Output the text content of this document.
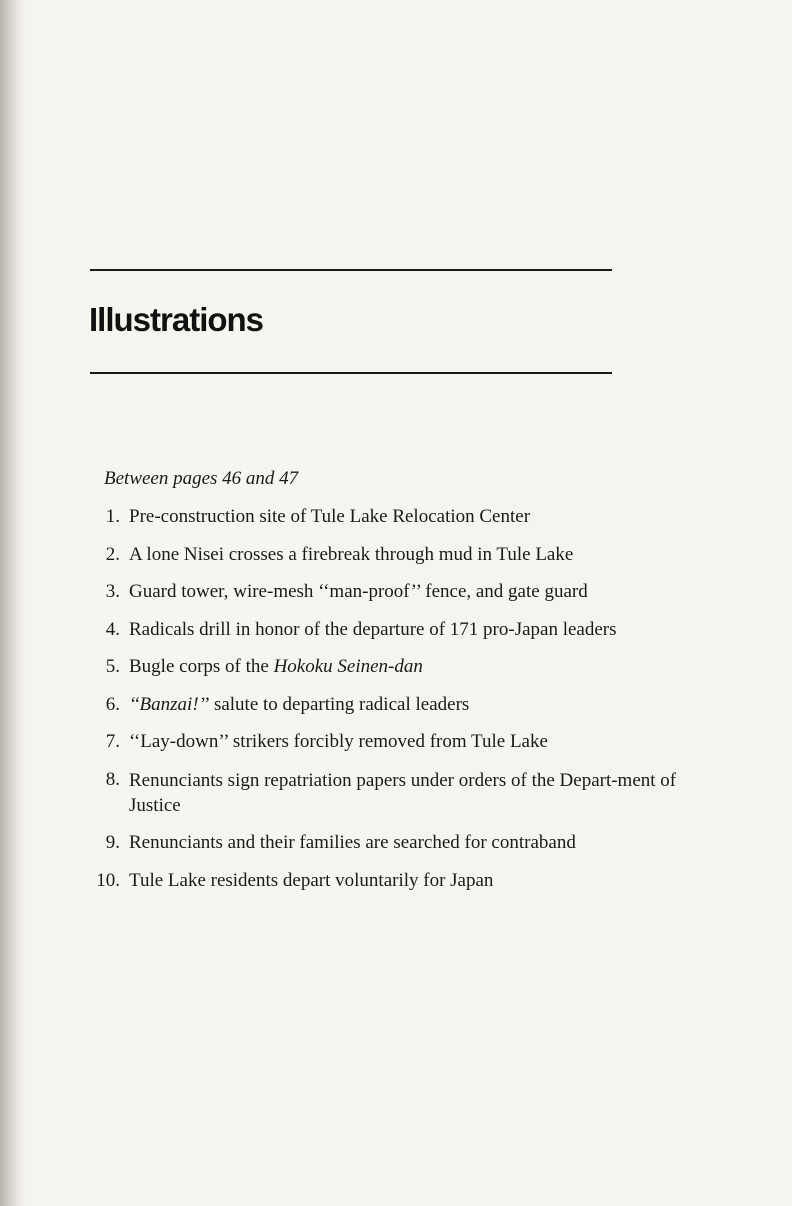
Illustrations
Between pages 46 and 47
1. Pre-construction site of Tule Lake Relocation Center
2. A lone Nisei crosses a firebreak through mud in Tule Lake
3. Guard tower, wire-mesh ‘‘man-proof’’ fence, and gate guard
4. Radicals drill in honor of the departure of 171 pro-Japan leaders
5. Bugle corps of the Hokoku Seinen-dan
6. ‘‘Banzai!’’ salute to departing radical leaders
7. ‘‘Lay-down’’ strikers forcibly removed from Tule Lake
8. Renunciants sign repatriation papers under orders of the Depart-ment of Justice
9. Renunciants and their families are searched for contraband
10. Tule Lake residents depart voluntarily for Japan
